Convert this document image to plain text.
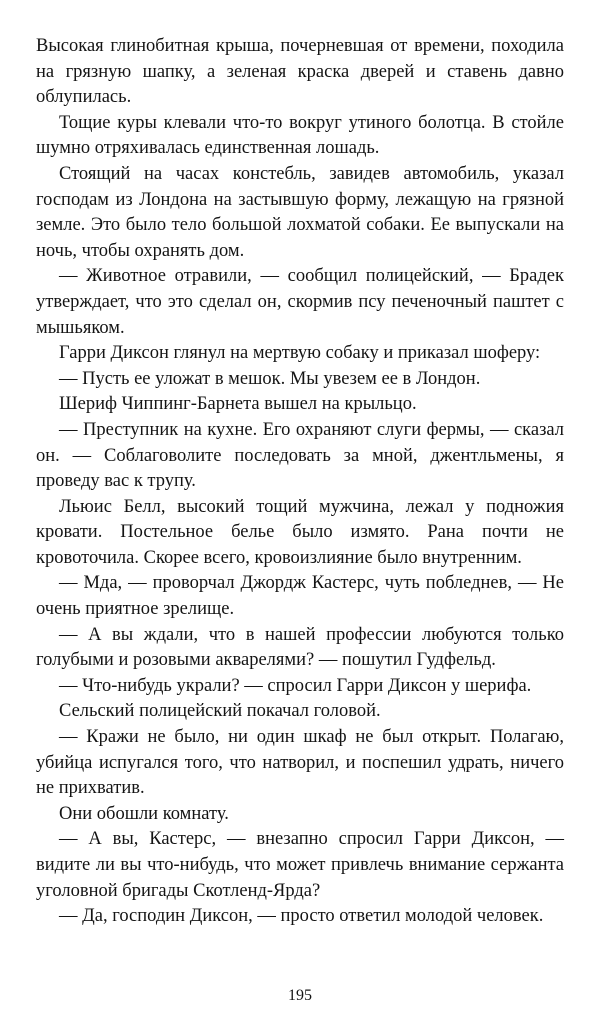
Высокая глинобитная крыша, почерневшая от времени, походила на грязную шапку, а зеленая краска дверей и ставень давно облупилась.

Тощие куры клевали что-то вокруг утиного болотца. В стойле шумно отряхивалась единственная лошадь.

Стоящий на часах констебль, завидев автомобиль, указал господам из Лондона на застывшую форму, лежащую на грязной земле. Это было тело большой лохматой собаки. Ее выпускали на ночь, чтобы охранять дом.

— Животное отравили, — сообщил полицейский, — Брадек утверждает, что это сделал он, скормив псу печеночный паштет с мышьяком.

Гарри Диксон глянул на мертвую собаку и приказал шоферу:

— Пусть ее уложат в мешок. Мы увезем ее в Лондон.

Шериф Чиппинг-Барнета вышел на крыльцо.

— Преступник на кухне. Его охраняют слуги фермы, — сказал он. — Соблаговолите последовать за мной, джентльмены, я проведу вас к трупу.

Льюис Белл, высокий тощий мужчина, лежал у подножия кровати. Постельное белье было измято. Рана почти не кровоточила. Скорее всего, кровоизлияние было внутренним.

— Мда, — проворчал Джордж Кастерс, чуть побледнев, — Не очень приятное зрелище.

— А вы ждали, что в нашей профессии любуются только голубыми и розовыми акварелями? — пошутил Гудфельд.

— Что-нибудь украли? — спросил Гарри Диксон у шерифа.

Сельский полицейский покачал головой.

— Кражи не было, ни один шкаф не был открыт. Полагаю, убийца испугался того, что натворил, и поспешил удрать, ничего не прихватив.

Они обошли комнату.

— А вы, Кастерс, — внезапно спросил Гарри Диксон, — видите ли вы что-нибудь, что может привлечь внимание сержанта уголовной бригады Скотленд-Ярда?

— Да, господин Диксон, — просто ответил молодой человек.

195
